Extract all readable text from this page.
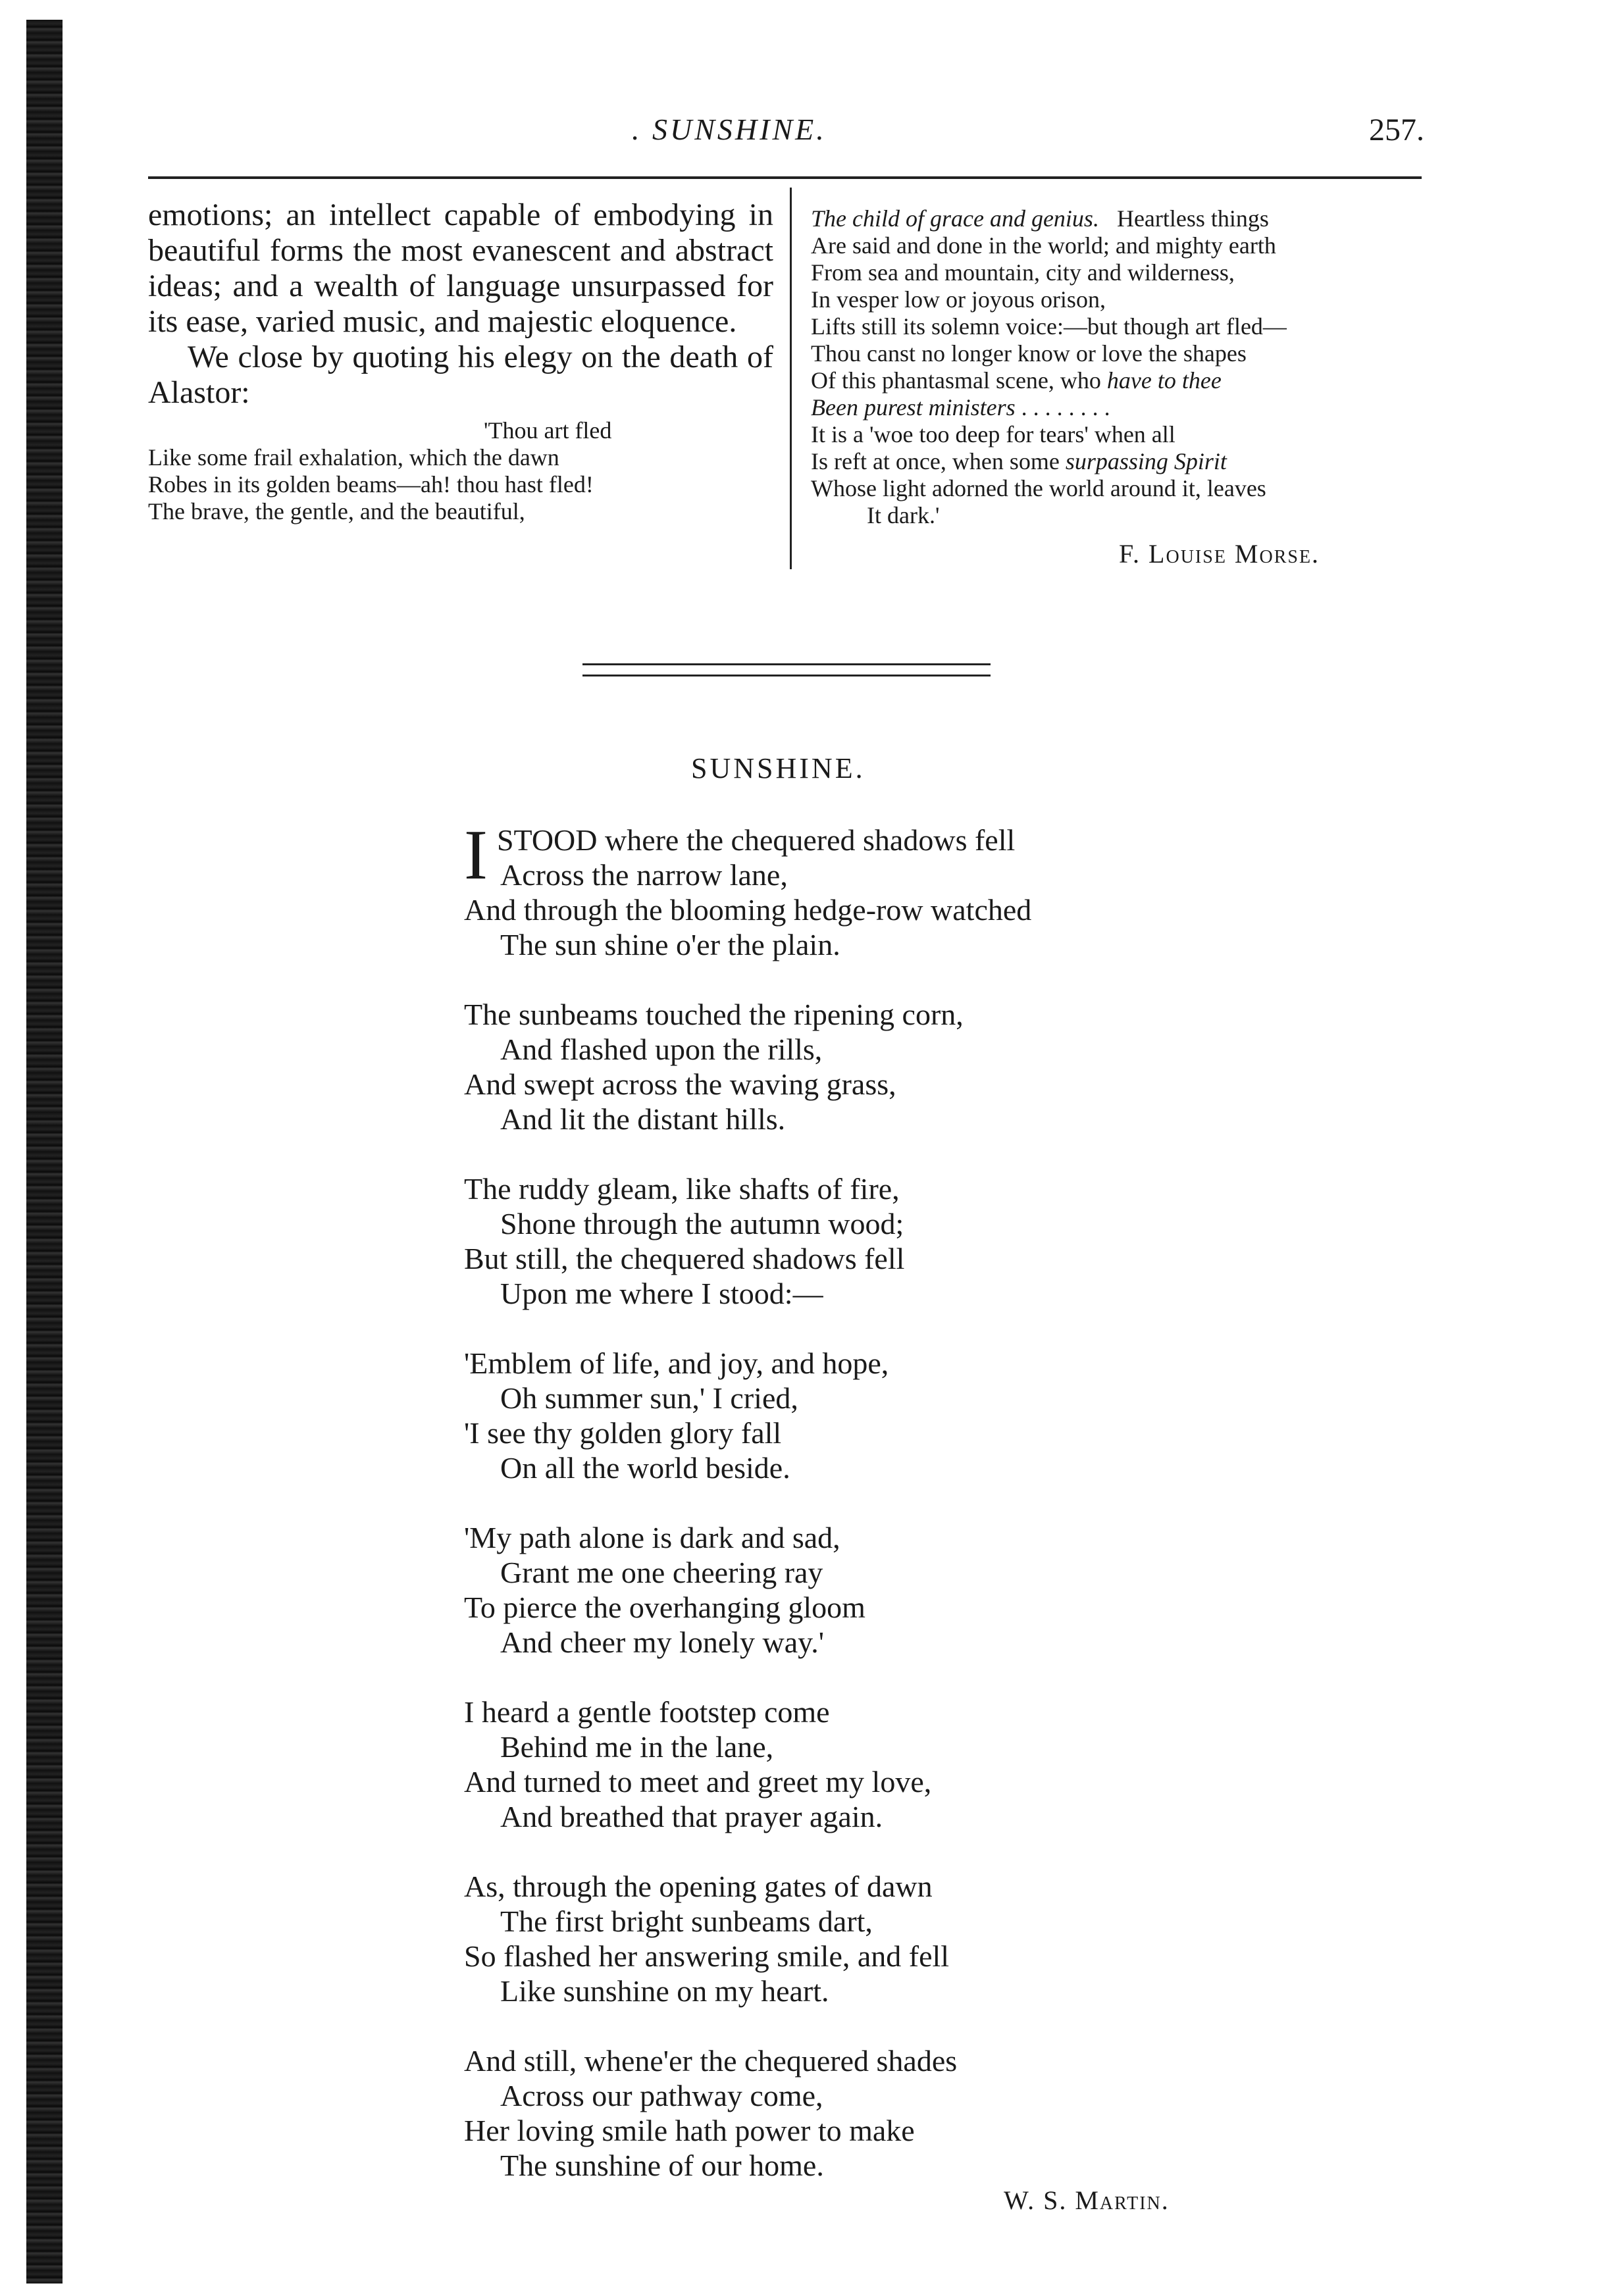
. SUNSHINE.	257.

emotions; an intellect capable of embodying in beautiful forms the most evanescent and abstract ideas; and a wealth of language unsurpassed for its ease, varied music, and majestic eloquence.

We close by quoting his elegy on the death of Alastor:

'Thou art fled
Like some frail exhalation, which the dawn
Robes in its golden beams—ah! thou hast fled!
The brave, the gentle, and the beautiful,
The child of grace and genius. Heartless things
Are said and done in the world; and mighty earth
From sea and mountain, city and wilderness,
In vesper low or joyous orison,
Lifts still its solemn voice:—but though art fled—
Thou canst no longer know or love the shapes
Of this phantasmal scene, who have to thee
Been purest ministers . . . . . . . .
It is a 'woe too deep for tears' when all
Is reft at once, when some surpassing Spirit
Whose light adorned the world around it, leaves
It dark.'
F. Louise Morse.
SUNSHINE.
I STOOD where the chequered shadows fell
Across the narrow lane,
And through the blooming hedge-row watched
The sun shine o'er the plain.
The sunbeams touched the ripening corn,
And flashed upon the rills,
And swept across the waving grass,
And lit the distant hills.
The ruddy gleam, like shafts of fire,
Shone through the autumn wood;
But still, the chequered shadows fell
Upon me where I stood:—
'Emblem of life, and joy, and hope,
Oh summer sun,' I cried,
'I see thy golden glory fall
On all the world beside.
'My path alone is dark and sad,
Grant me one cheering ray
To pierce the overhanging gloom
And cheer my lonely way.'
I heard a gentle footstep come
Behind me in the lane,
And turned to meet and greet my love,
And breathed that prayer again.
As, through the opening gates of dawn
The first bright sunbeams dart,
So flashed her answering smile, and fell
Like sunshine on my heart.
And still, whene'er the chequered shades
Across our pathway come,
Her loving smile hath power to make
The sunshine of our home.
W. S. Martin.
